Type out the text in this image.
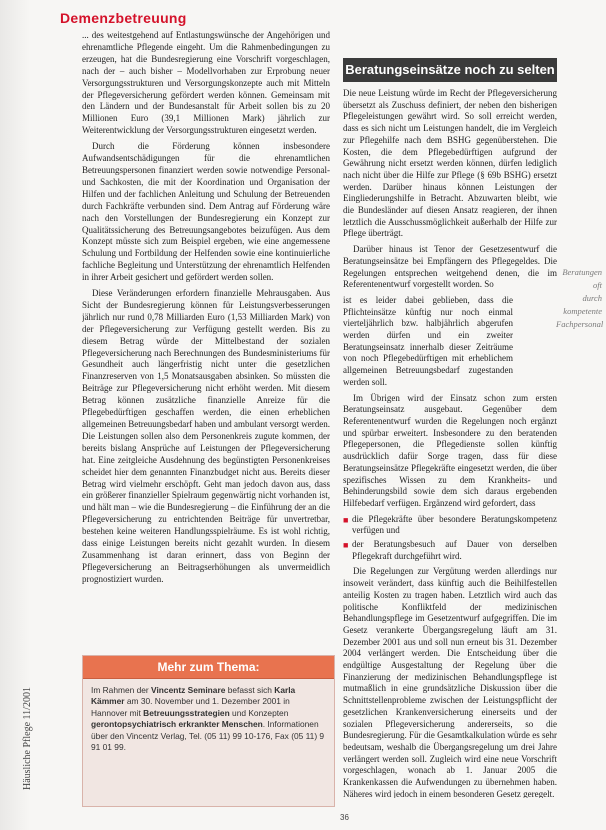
Demenzbetreuung

... des weitestgehend auf Entlastungswünsche der Angehörigen und ehrenamtliche Pflegende eingeht. Um die Rahmenbedingungen zu erzeugen, hat die Bundesregierung eine Vorschrift vorgeschlagen, nach der – auch bisher – Modellvorhaben zur Erprobung neuer Versorgungsstrukturen und Versorgungskonzepte auch mit Mitteln der Pflegeversicherung gefördert werden können. Gemeinsam mit den Ländern und der Bundesanstalt für Arbeit sollen bis zu 20 Millionen Euro (39,1 Millionen Mark) jährlich zur Weiterentwicklung der Versorgungsstrukturen eingesetzt werden.

Durch die Förderung können insbesondere Aufwandsentschädigungen für die ehrenamtlichen Betreuungspersonen finanziert werden sowie notwendige Personal- und Sachkosten, die mit der Koordination und Organisation der Hilfen und der fachlichen Anleitung und Schulung der Betreuenden durch Fachkräfte verbunden sind. Dem Antrag auf Förderung wäre nach den Vorstellungen der Bundesregierung ein Konzept zur Qualitätssicherung des Betreuungsangebotes beizufügen. Aus dem Konzept müsste sich zum Beispiel ergeben, wie eine angemessene Schulung und Fortbildung der Helfenden sowie eine kontinuierliche fachliche Begleitung und Unterstützung der ehrenamtlich Helfenden in ihrer Arbeit gesichert und gefördert werden sollen.

Diese Veränderungen erfordern finanzielle Mehrausgaben. Aus Sicht der Bundesregierung können für Leistungsverbesserungen jährlich nur rund 0,78 Milliarden Euro (1,53 Milliarden Mark) von der Pflegeversicherung zur Verfügung gestellt werden. Bis zu diesem Betrag würde der Mittelbestand der sozialen Pflegeversicherung nach Berechnungen des Bundesministeriums für Gesundheit auch längerfristig nicht unter die gesetzlichen Finanzreserven von 1,5 Monatsausgaben absinken. So müssten die Beiträge zur Pflegeversicherung nicht erhöht werden. Mit diesem Betrag können zusätzliche finanzielle Anreize für die Pflegebedürftigen geschaffen werden, die einen erheblichen allgemeinen Betreuungsbedarf haben und ambulant versorgt werden. Die Leistungen sollen also dem Personenkreis zugute kommen, der bereits bislang Ansprüche auf Leistungen der Pflegeversicherung hat. Eine zeitgleiche Ausdehnung des begünstigten Personenkreises scheidet hier dem genannten Finanzbudget nicht aus. Bereits dieser Betrag wird vielmehr erschöpft. Geht man jedoch davon aus, dass ein größerer finanzieller Spielraum gegenwärtig nicht vorhanden ist, und hält man – wie die Bundesregierung – die Einführung der an die Pflegeversicherung zu entrichtenden Beiträge für unvertretbar, bestehen keine weiteren Handlungsspielräume. Es ist wohl richtig, dass einige Leistungen bereits nicht gezahlt wurden. In diesem Zusammenhang ist daran erinnert, dass von Beginn der Pflegeversicherung an Beitragserhöhungen als unvermeidlich prognostiziert wurden.

Beratungseinsätze noch zu selten

Die neue Leistung würde im Recht der Pflegeversicherung übersetzt als Zuschuss definiert, der neben den bisherigen Pflegeleistungen gewährt wird. So soll erreicht werden, dass es sich nicht um Leistungen handelt, die im Vergleich zur Pflegehilfe nach dem BSHG gegenüberstehen. Die Kosten, die dem Pflegebedürftigen aufgrund der Gewährung nicht ersetzt werden können, dürfen lediglich nach nicht über die Hilfe zur Pflege (§ 69b BSHG) ersetzt werden. Darüber hinaus können Leistungen der Eingliederungshilfe in Betracht. Abzuwarten bleibt, wie die Bundesländer auf diesen Ansatz reagieren, der ihnen letztlich die Ausschussmöglichkeit außerhalb der Hilfe zur Pflege überträgt.

Darüber hinaus ist Tenor der Gesetzesentwurf die Beratungseinsätze bei Empfängern des Pflegegeldes. Die Regelungen entsprechen weitgehend denen, die im Referentenentwurf vorgestellt worden. So

ist es leider dabei geblieben, dass die Pflichteinsätze künftig nur noch einmal vierteljährlich bzw. halbjährlich abgerufen werden dürfen und ein zweiter Beratungseinsatz innerhalb dieser Zeiträume von noch Pflegebedürftigen mit erheblichem allgemeinen Betreuungsbedarf zugestanden werden soll.

Im Übrigen wird der Einsatz schon zum ersten Beratungseinsatz ausgebaut. Gegenüber dem Referentenentwurf wurden die Regelungen noch ergänzt und spürbar erweitert. Insbesondere zu den beratenden Pflegepersonen, die Pflegedienste sollen künftig ausdrücklich dafür Sorge tragen, dass für diese Beratungseinsätze Pflegekräfte eingesetzt werden, die über spezifisches Wissen zu dem Krankheits- und Behinderungsbild sowie dem sich daraus ergebenden Hilfebedarf verfügen. Ergänzend wird gefordert, dass

■ die Pflegekräfte über besondere Beratungskompetenz verfügen und
■ der Beratungsbesuch auf Dauer von derselben Pflegekraft durchgeführt wird.

Die Regelungen zur Vergütung werden allerdings nur insoweit verändert, dass künftig auch die Beihilfestellen anteilig Kosten zu tragen haben. Letztlich wird auch das politische Konfliktfeld der medizinischen Behandlungspflege im Gesetzentwurf aufgegriffen. Die im Gesetz verankerte Übergangsregelung läuft am 31. Dezember 2001 aus und soll nun erneut bis 31. Dezember 2004 verlängert werden. Die Entscheidung über die endgültige Ausgestaltung der Regelung über die Finanzierung der medizinischen Behandlungspflege ist mutmaßlich in eine grundsätzliche Diskussion über die Schnittstellenprobleme zwischen der Leistungspflicht der gesetzlichen Krankenversicherung einerseits und der sozialen Pflegeversicherung andererseits, so die Bundesregierung. Für die Gesamtkalkulation würde es sehr bedeutsam, weshalb die Übergangsregelung um drei Jahre verlängert werden soll. Zugleich wird eine neue Vorschrift vorgeschlagen, wonach ab 1. Januar 2005 die Krankenkassen die Aufwendungen zu übernehmen haben. Näheres wird jedoch in einem besonderen Gesetz geregelt.

Beratungen oft
durch
kompetente
Fachpersonal
Mehr zum Thema:
Im Rahmen der Vincentz Seminare befasst sich Karla Kämmer am 30. November und 1. Dezember 2001 in Hannover mit Betreuungsstrategien und Konzepten gerontopsychiatrisch erkrankter Menschen. Informationen über den Vincentz Verlag, Tel. (05 11) 99 10-176, Fax (05 11) 9 91 01 99.
Häusliche Pflege 11/2001
36
